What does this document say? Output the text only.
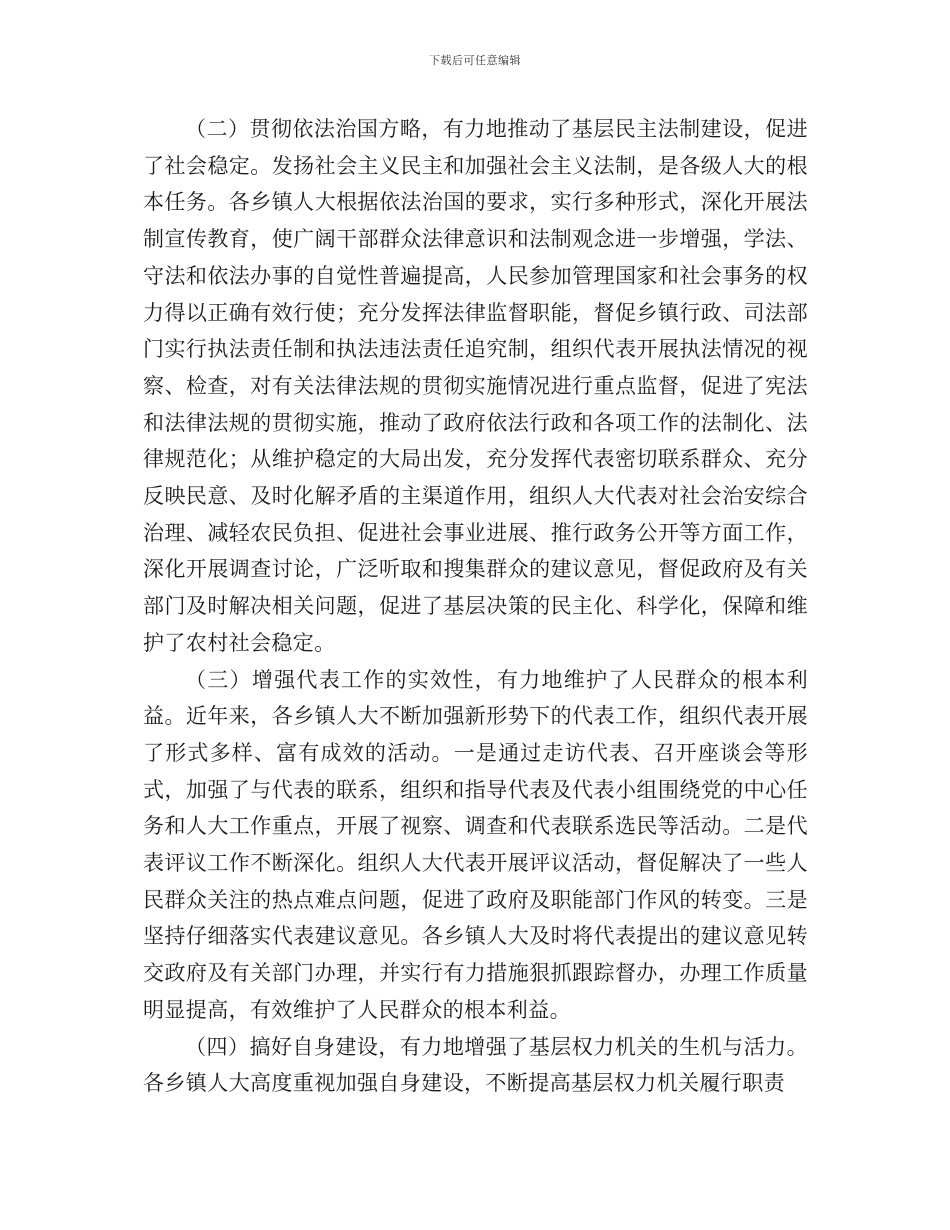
下载后可任意编辑

（二）贯彻依法治国方略，有力地推动了基层民主法制建设，促进了社会稳定。发扬社会主义民主和加强社会主义法制，是各级人大的根本任务。各乡镇人大根据依法治国的要求，实行多种形式，深化开展法制宣传教育，使广阔干部群众法律意识和法制观念进一步增强，学法、守法和依法办事的自觉性普遍提高，人民参加管理国家和社会事务的权力得以正确有效行使；充分发挥法律监督职能，督促乡镇行政、司法部门实行执法责任制和执法违法责任追究制，组织代表开展执法情况的视察、检查，对有关法律法规的贯彻实施情况进行重点监督，促进了宪法和法律法规的贯彻实施，推动了政府依法行政和各项工作的法制化、法律规范化；从维护稳定的大局出发，充分发挥代表密切联系群众、充分反映民意、及时化解矛盾的主渠道作用，组织人大代表对社会治安综合治理、减轻农民负担、促进社会事业进展、推行政务公开等方面工作，深化开展调查讨论，广泛听取和搜集群众的建议意见，督促政府及有关部门及时解决相关问题，促进了基层决策的民主化、科学化，保障和维护了农村社会稳定。

（三）增强代表工作的实效性，有力地维护了人民群众的根本利益。近年来，各乡镇人大不断加强新形势下的代表工作，组织代表开展了形式多样、富有成效的活动。一是通过走访代表、召开座谈会等形式，加强了与代表的联系，组织和指导代表及代表小组围绕党的中心任务和人大工作重点，开展了视察、调查和代表联系选民等活动。二是代表评议工作不断深化。组织人大代表开展评议活动，督促解决了一些人民群众关注的热点难点问题，促进了政府及职能部门作风的转变。三是坚持仔细落实代表建议意见。各乡镇人大及时将代表提出的建议意见转交政府及有关部门办理，并实行有力措施狠抓跟踪督办，办理工作质量明显提高，有效维护了人民群众的根本利益。

（四）搞好自身建设，有力地增强了基层权力机关的生机与活力。各乡镇人大高度重视加强自身建设，不断提高基层权力机关履行职责
